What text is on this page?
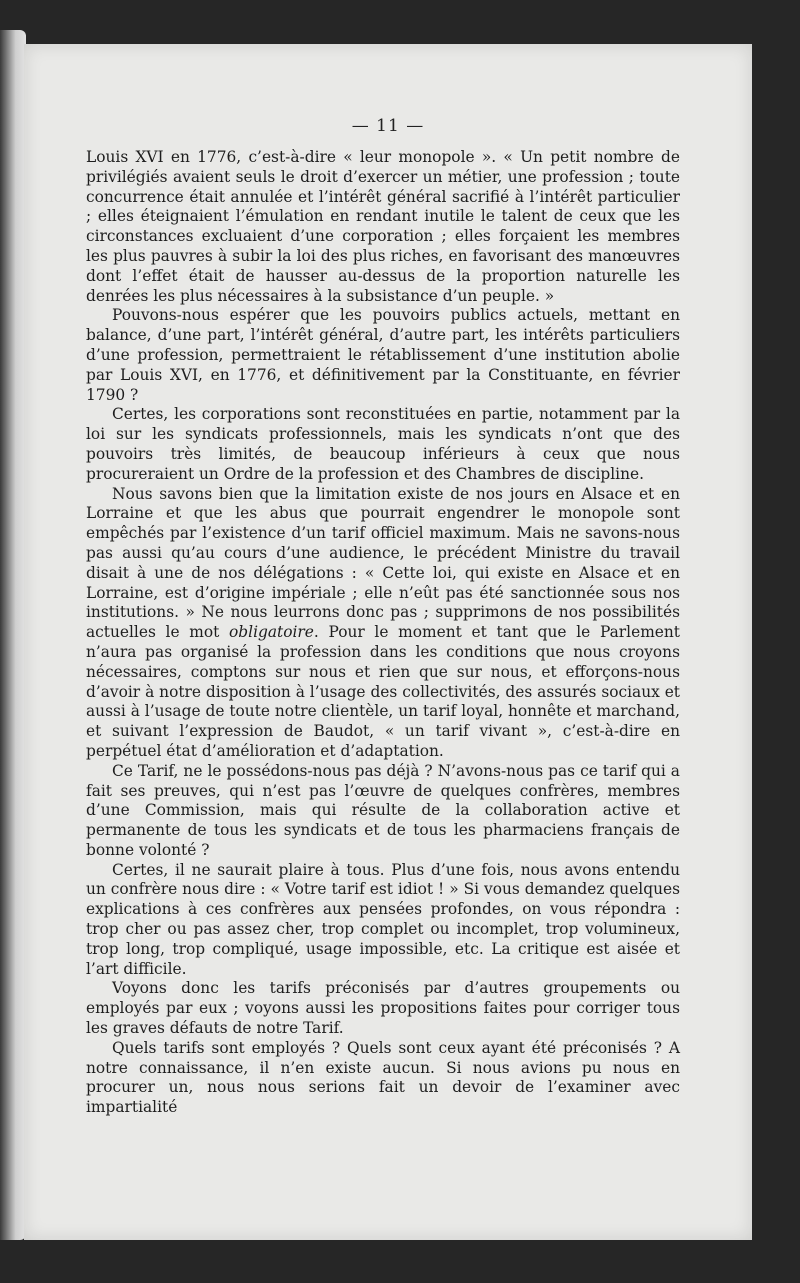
— 11 —

Louis XVI en 1776, c’est-à-dire « leur monopole ». « Un petit nombre de privilégiés avaient seuls le droit d’exercer un métier, une profession ; toute concurrence était annulée et l’intérêt général sacrifié à l’intérêt particulier ; elles éteignaient l’émulation en rendant inutile le talent de ceux que les circonstances excluaient d’une corporation ; elles forçaient les membres les plus pauvres à subir la loi des plus riches, en favorisant des manœuvres dont l’effet était de hausser au-dessus de la proportion naturelle les denrées les plus nécessaires à la subsistance d’un peuple. »

Pouvons-nous espérer que les pouvoirs publics actuels, mettant en balance, d’une part, l’intérêt général, d’autre part, les intérêts particuliers d’une profession, permettraient le rétablissement d’une institution abolie par Louis XVI, en 1776, et définitivement par la Constituante, en février 1790 ?

Certes, les corporations sont reconstituées en partie, notamment par la loi sur les syndicats professionnels, mais les syndicats n’ont que des pouvoirs très limités, de beaucoup inférieurs à ceux que nous procureraient un Ordre de la profession et des Chambres de discipline.

Nous savons bien que la limitation existe de nos jours en Alsace et en Lorraine et que les abus que pourrait engendrer le monopole sont empêchés par l’existence d’un tarif officiel maximum. Mais ne savons-nous pas aussi qu’au cours d’une audience, le précédent Ministre du travail disait à une de nos délégations : « Cette loi, qui existe en Alsace et en Lorraine, est d’origine impériale ; elle n’eût pas été sanctionnée sous nos institutions. » Ne nous leurrons donc pas ; supprimons de nos possibilités actuelles le mot obligatoire. Pour le moment et tant que le Parlement n’aura pas organisé la profession dans les conditions que nous croyons nécessaires, comptons sur nous et rien que sur nous, et efforçons-nous d’avoir à notre disposition à l’usage des collectivités, des assurés sociaux et aussi à l’usage de toute notre clientèle, un tarif loyal, honnête et marchand, et suivant l’expression de Baudot, « un tarif vivant », c’est-à-dire en perpétuel état d’amélioration et d’adaptation.

Ce Tarif, ne le possédons-nous pas déjà ? N’avons-nous pas ce tarif qui a fait ses preuves, qui n’est pas l’œuvre de quelques confrères, membres d’une Commission, mais qui résulte de la collaboration active et permanente de tous les syndicats et de tous les pharmaciens français de bonne volonté ?

Certes, il ne saurait plaire à tous. Plus d’une fois, nous avons entendu un confrère nous dire : « Votre tarif est idiot ! » Si vous demandez quelques explications à ces confrères aux pensées profondes, on vous répondra : trop cher ou pas assez cher, trop complet ou incomplet, trop volumineux, trop long, trop compliqué, usage impossible, etc. La critique est aisée et l’art difficile.

Voyons donc les tarifs préconisés par d’autres groupements ou employés par eux ; voyons aussi les propositions faites pour corriger tous les graves défauts de notre Tarif.

Quels tarifs sont employés ? Quels sont ceux ayant été préconisés ? A notre connaissance, il n’en existe aucun. Si nous avions pu nous en procurer un, nous nous serions fait un devoir de l’examiner avec impartialité
